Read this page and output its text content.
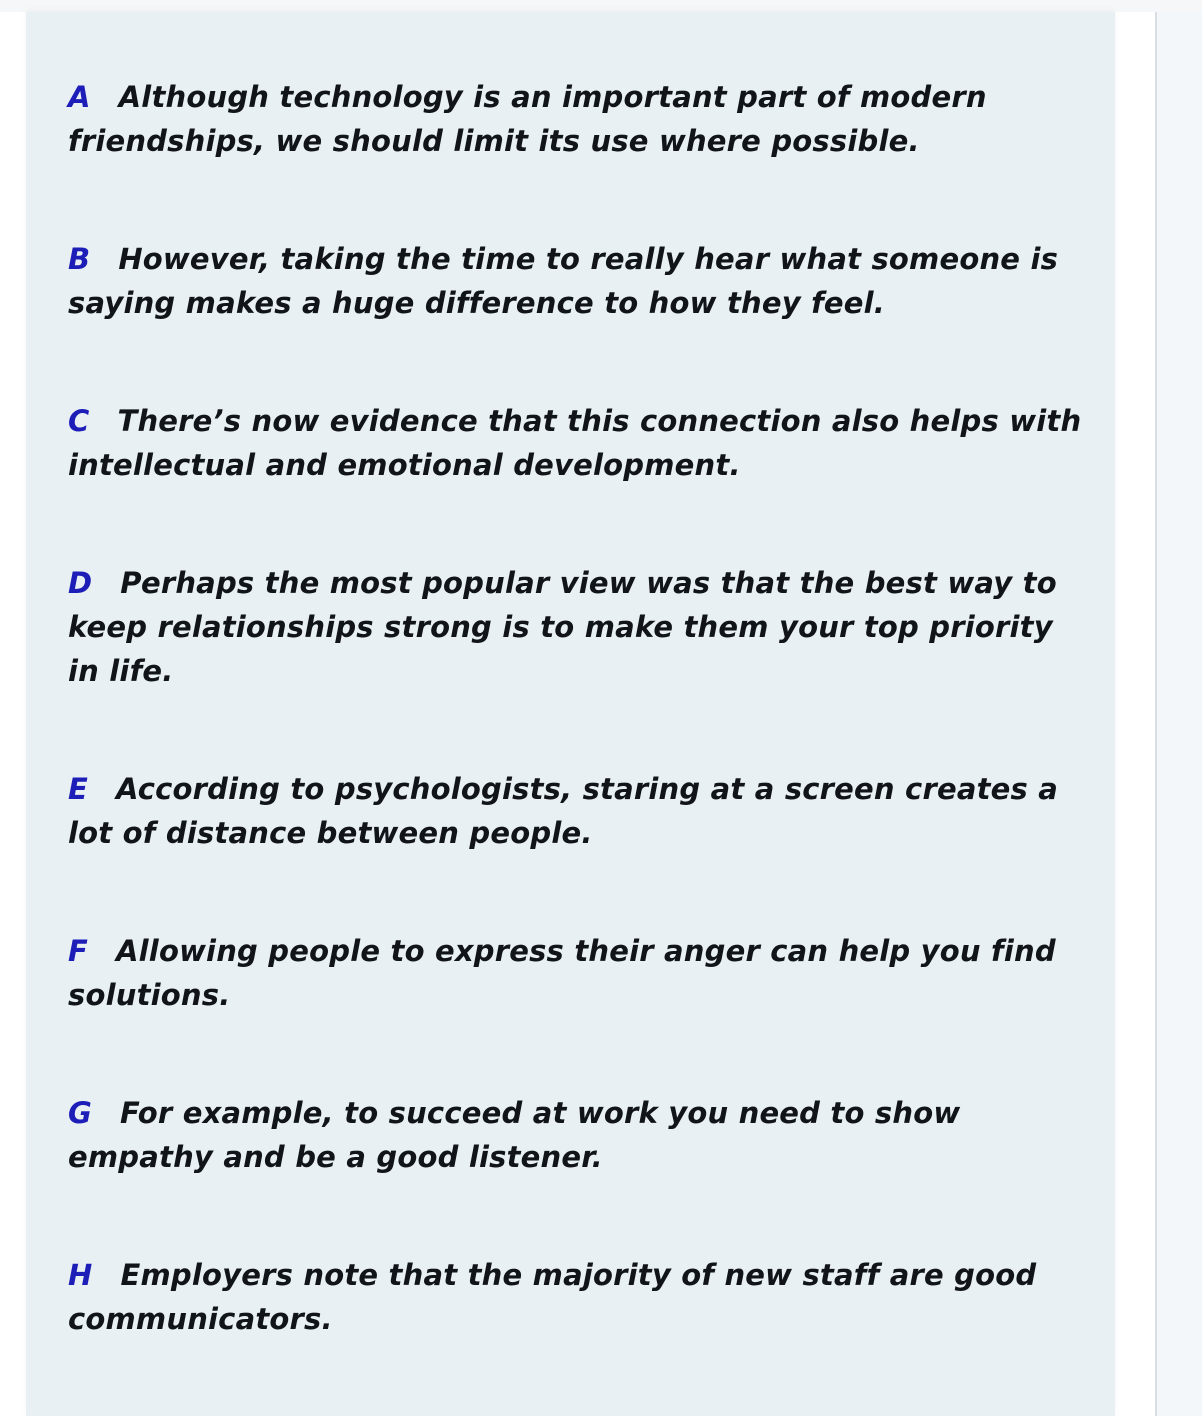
A Although technology is an important part of modern friendships, we should limit its use where possible.
B However, taking the time to really hear what someone is saying makes a huge difference to how they feel.
C There’s now evidence that this connection also helps with intellectual and emotional development.
D Perhaps the most popular view was that the best way to keep relationships strong is to make them your top priority in life.
E According to psychologists, staring at a screen creates a lot of distance between people.
F Allowing people to express their anger can help you find solutions.
G For example, to succeed at work you need to show empathy and be a good listener.
H Employers note that the majority of new staff are good communicators.
